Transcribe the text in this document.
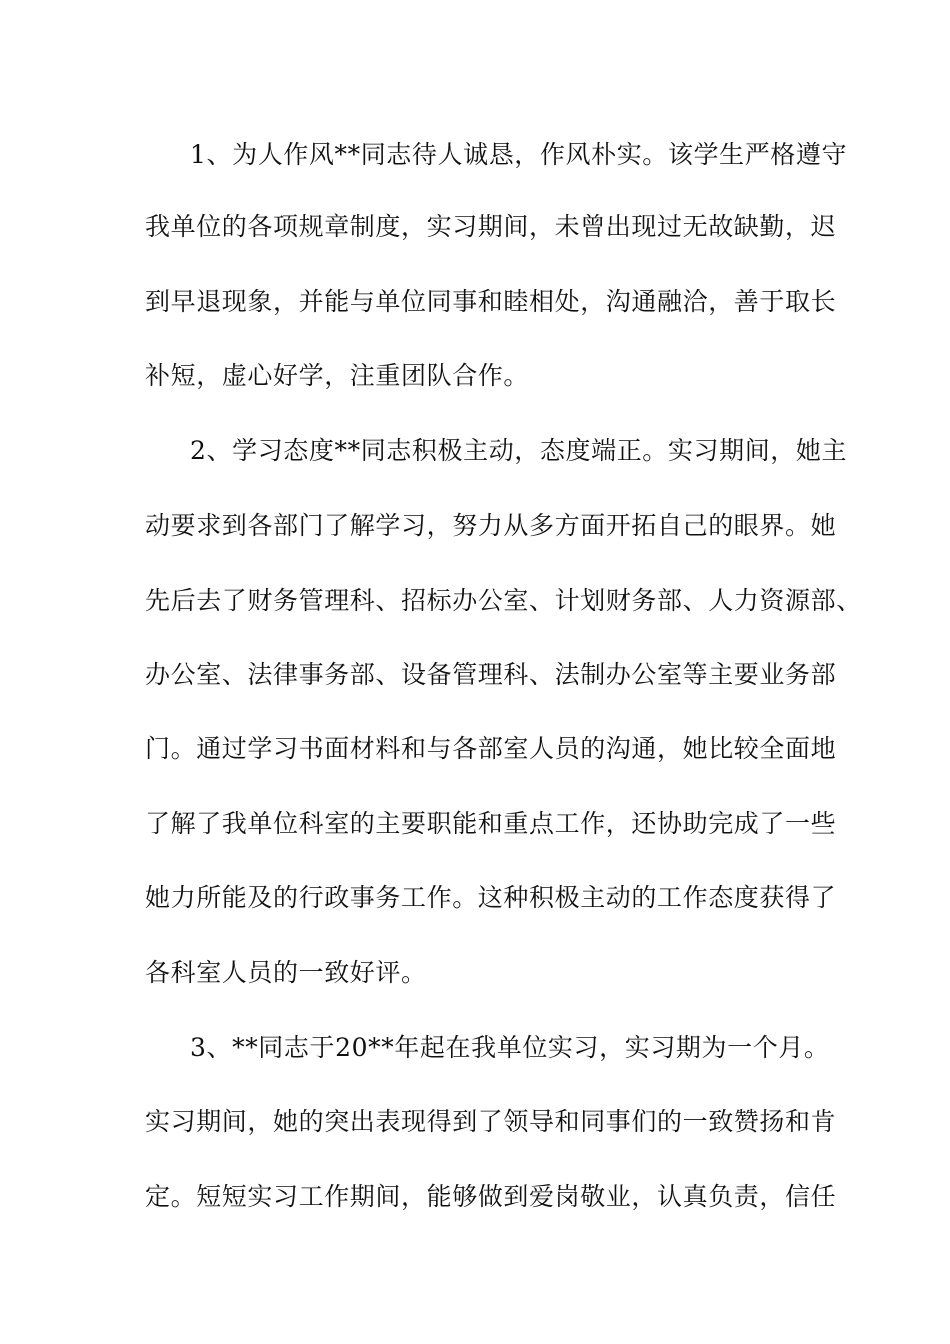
1、为人作风**同志待人诚恳，作风朴实。该学生严格遵守
我单位的各项规章制度，实习期间，未曾出现过无故缺勤，迟
到早退现象，并能与单位同事和睦相处，沟通融洽，善于取长
补短，虚心好学，注重团队合作。
2、学习态度**同志积极主动，态度端正。实习期间，她主
动要求到各部门了解学习，努力从多方面开拓自己的眼界。她
先后去了财务管理科、招标办公室、计划财务部、人力资源部、
办公室、法律事务部、设备管理科、法制办公室等主要业务部
门。通过学习书面材料和与各部室人员的沟通，她比较全面地
了解了我单位科室的主要职能和重点工作，还协助完成了一些
她力所能及的行政事务工作。这种积极主动的工作态度获得了
各科室人员的一致好评。
3、**同志于20**年起在我单位实习，实习期为一个月。
实习期间，她的突出表现得到了领导和同事们的一致赞扬和肯
定。短短实习工作期间，能够做到爱岗敬业，认真负责，信任
